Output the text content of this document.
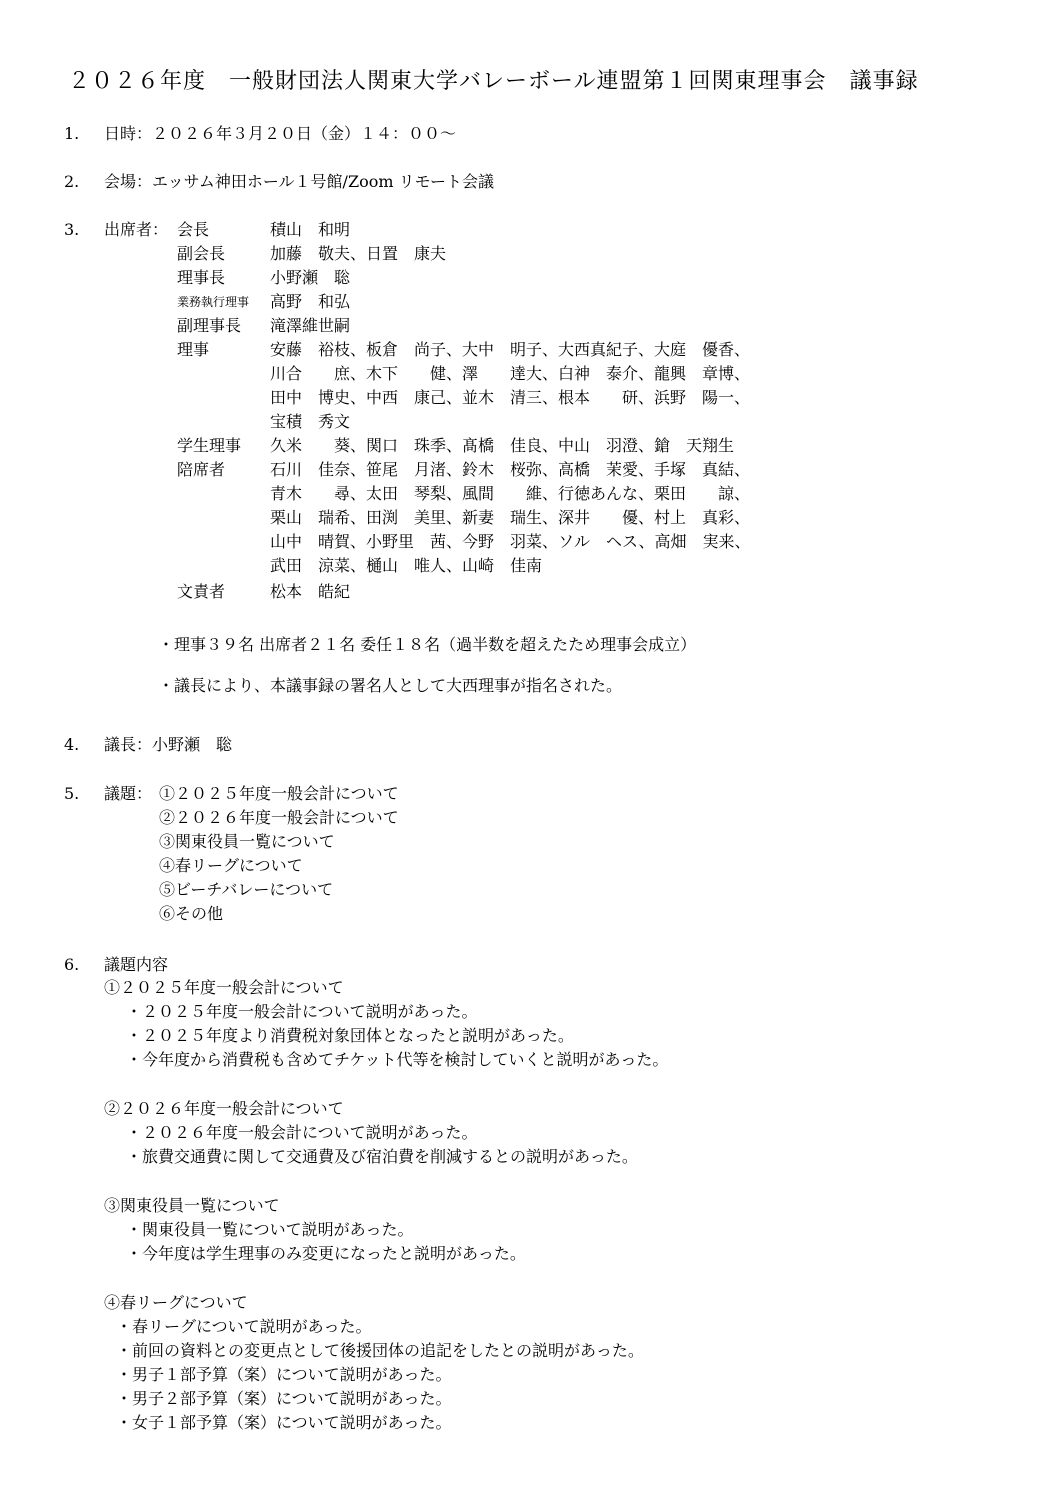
２０２６年度　一般財団法人関東大学バレーボール連盟第１回関東理事会　議事録
1. 日時：２０２６年３月２０日（金）１４：００～
2. 会場：エッサム神田ホール１号館/Zoom リモート会議
3. 出席者： 会長	積山　和明
副会長	加藤　敬夫、日置　康夫
理事長	小野瀬　聡
業務執行理事 高野　和弘
副理事長 滝澤維世嗣
理事	安藤　裕枝、板倉　尚子、大中　明子、大西真紀子、大庭　優香、
川合　　庶、木下　　健、澤　　達大、白神　泰介、龍興　章博、
田中　博史、中西　康己、並木　清三、根本　　研、浜野　陽一、
宝積　秀文
学生理事 久米　　葵、関口　珠季、髙橋　佳良、中山　羽澄、鎗　天翔生
陪席者	石川　佳奈、笹尾　月渚、鈴木　桜弥、高橋　茉愛、手塚　真結、
青木　　尋、太田　琴梨、風間　　維、行徳あんな、栗田　　諒、
栗山　瑞希、田渕　美里、新妻　瑞生、深井　　優、村上　真彩、
山中　晴賀、小野里　茜、今野　羽菜、ソル　ヘス、高畑　実来、
武田　涼菜、樋山　唯人、山崎　佳南
文責者	松本　皓紀
・理事３９名 出席者２１名 委任１８名（過半数を超えたため理事会成立）
・議長により、本議事録の署名人として大西理事が指名された。
4. 議長：小野瀬　聡
5. 議題： ①２０２５年度一般会計について
②２０２６年度一般会計について
③関東役員一覧について
④春リーグについて
⑤ビーチバレーについて
⑥その他
6. 議題内容
①２０２５年度一般会計について
・２０２５年度一般会計について説明があった。
・２０２５年度より消費税対象団体となったと説明があった。
・今年度から消費税も含めてチケット代等を検討していくと説明があった。
②２０２６年度一般会計について
・２０２６年度一般会計について説明があった。
・旅費交通費に関して交通費及び宿泊費を削減するとの説明があった。
③関東役員一覧について
・関東役員一覧について説明があった。
・今年度は学生理事のみ変更になったと説明があった。
④春リーグについて
・春リーグについて説明があった。
・前回の資料との変更点として後援団体の追記をしたとの説明があった。
・男子１部予算（案）について説明があった。
・男子２部予算（案）について説明があった。
・女子１部予算（案）について説明があった。
